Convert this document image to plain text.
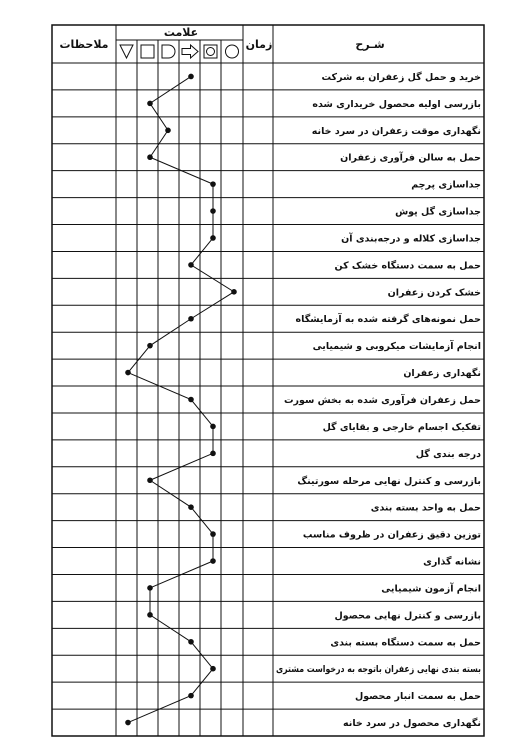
شـرح
زمان
علامت
ملاحظات
خرید و حمل گل زعفران به شرکت
بازرسی اولیه محصول خریداری شده
نگهداری موقت زعفران در سرد خانه
حمل به سالن فرآوری زعفران
جداسازی پرچم
جداسازی گل پوش
جداسازی کلاله و درجه‌بندی آن
حمل به سمت دستگاه خشک کن
خشک کردن زعفران
حمل نمونه‌های گرفته شده به آزمایشگاه
انجام آزمایشات میکروبی و شیمیایی
نگهداری زعفران
حمل زعفران فرآوری شده به بخش سورت
تفکیک اجسام خارجی و بقایای گل
درجه بندی گل
بازرسی و کنترل نهایی مرحله سورتینگ
حمل به واحد بسته بندی
توزین دقیق زعفران در ظروف مناسب
نشانه گذاری
انجام آزمون شیمیایی
بازرسی و کنترل نهایی محصول
حمل به سمت دستگاه بسته بندی
بسته بندی نهایی زعفران باتوجه به درخواست مشتری
حمل به سمت انبار محصول
نگهداری محصول در سرد خانه
